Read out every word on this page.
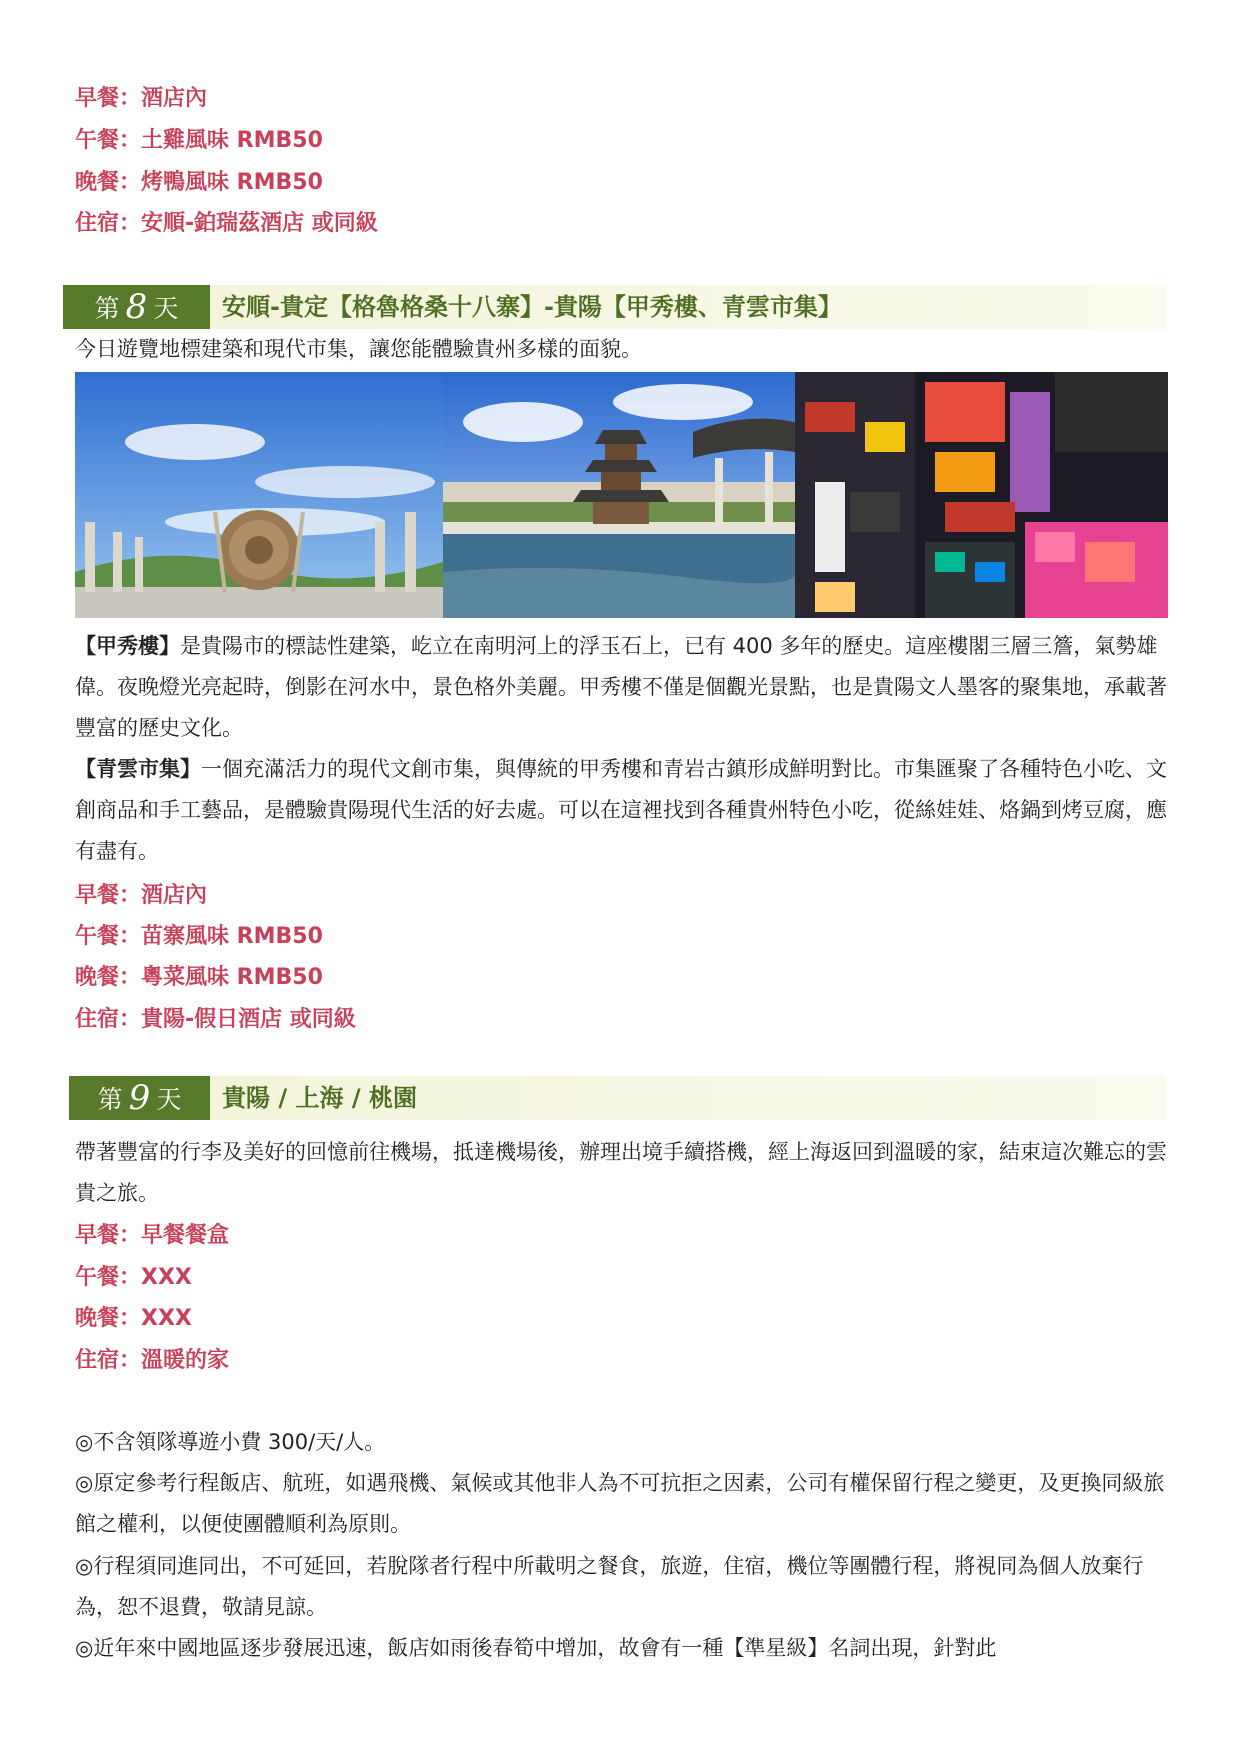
早餐：酒店內
午餐：土雞風味 RMB50
晚餐：烤鴨風味 RMB50
住宿：安順-鉑瑞茲酒店 或同級
第 8 天 安順-貴定【格魯格桑十八寨】-貴陽【甲秀樓、青雲市集】
今日遊覽地標建築和現代市集，讓您能體驗貴州多樣的面貌。
【甲秀樓】是貴陽市的標誌性建築，屹立在南明河上的浮玉石上，已有 400 多年的歷史。這座樓閣三層三簷，氣勢雄偉。夜晚燈光亮起時，倒影在河水中，景色格外美麗。甲秀樓不僅是個觀光景點，也是貴陽文人墨客的聚集地，承載著豐富的歷史文化。
【青雲市集】一個充滿活力的現代文創市集，與傳統的甲秀樓和青岩古鎮形成鮮明對比。市集匯聚了各種特色小吃、文創商品和手工藝品，是體驗貴陽現代生活的好去處。可以在這裡找到各種貴州特色小吃，從絲娃娃、烙鍋到烤豆腐，應有盡有。
早餐：酒店內
午餐：苗寨風味 RMB50
晚餐：粵菜風味 RMB50
住宿：貴陽-假日酒店 或同級
第 9 天 貴陽 / 上海 / 桃園
帶著豐富的行李及美好的回憶前往機場，抵達機場後，辦理出境手續搭機，經上海返回到溫暖的家，結束這次難忘的雲貴之旅。
早餐：早餐餐盒
午餐：XXX
晚餐：XXX
住宿：溫暖的家
◎不含領隊導遊小費 300/天/人。
◎原定參考行程飯店、航班，如遇飛機、氣候或其他非人為不可抗拒之因素，公司有權保留行程之變更，及更換同級旅館之權利，以便使團體順利為原則。
◎行程須同進同出，不可延回，若脫隊者行程中所載明之餐食，旅遊，住宿，機位等團體行程，將視同為個人放棄行為，恕不退費，敬請見諒。
◎近年來中國地區逐步發展迅速，飯店如雨後春筍中增加，故會有一種【準星級】名詞出現，針對此
